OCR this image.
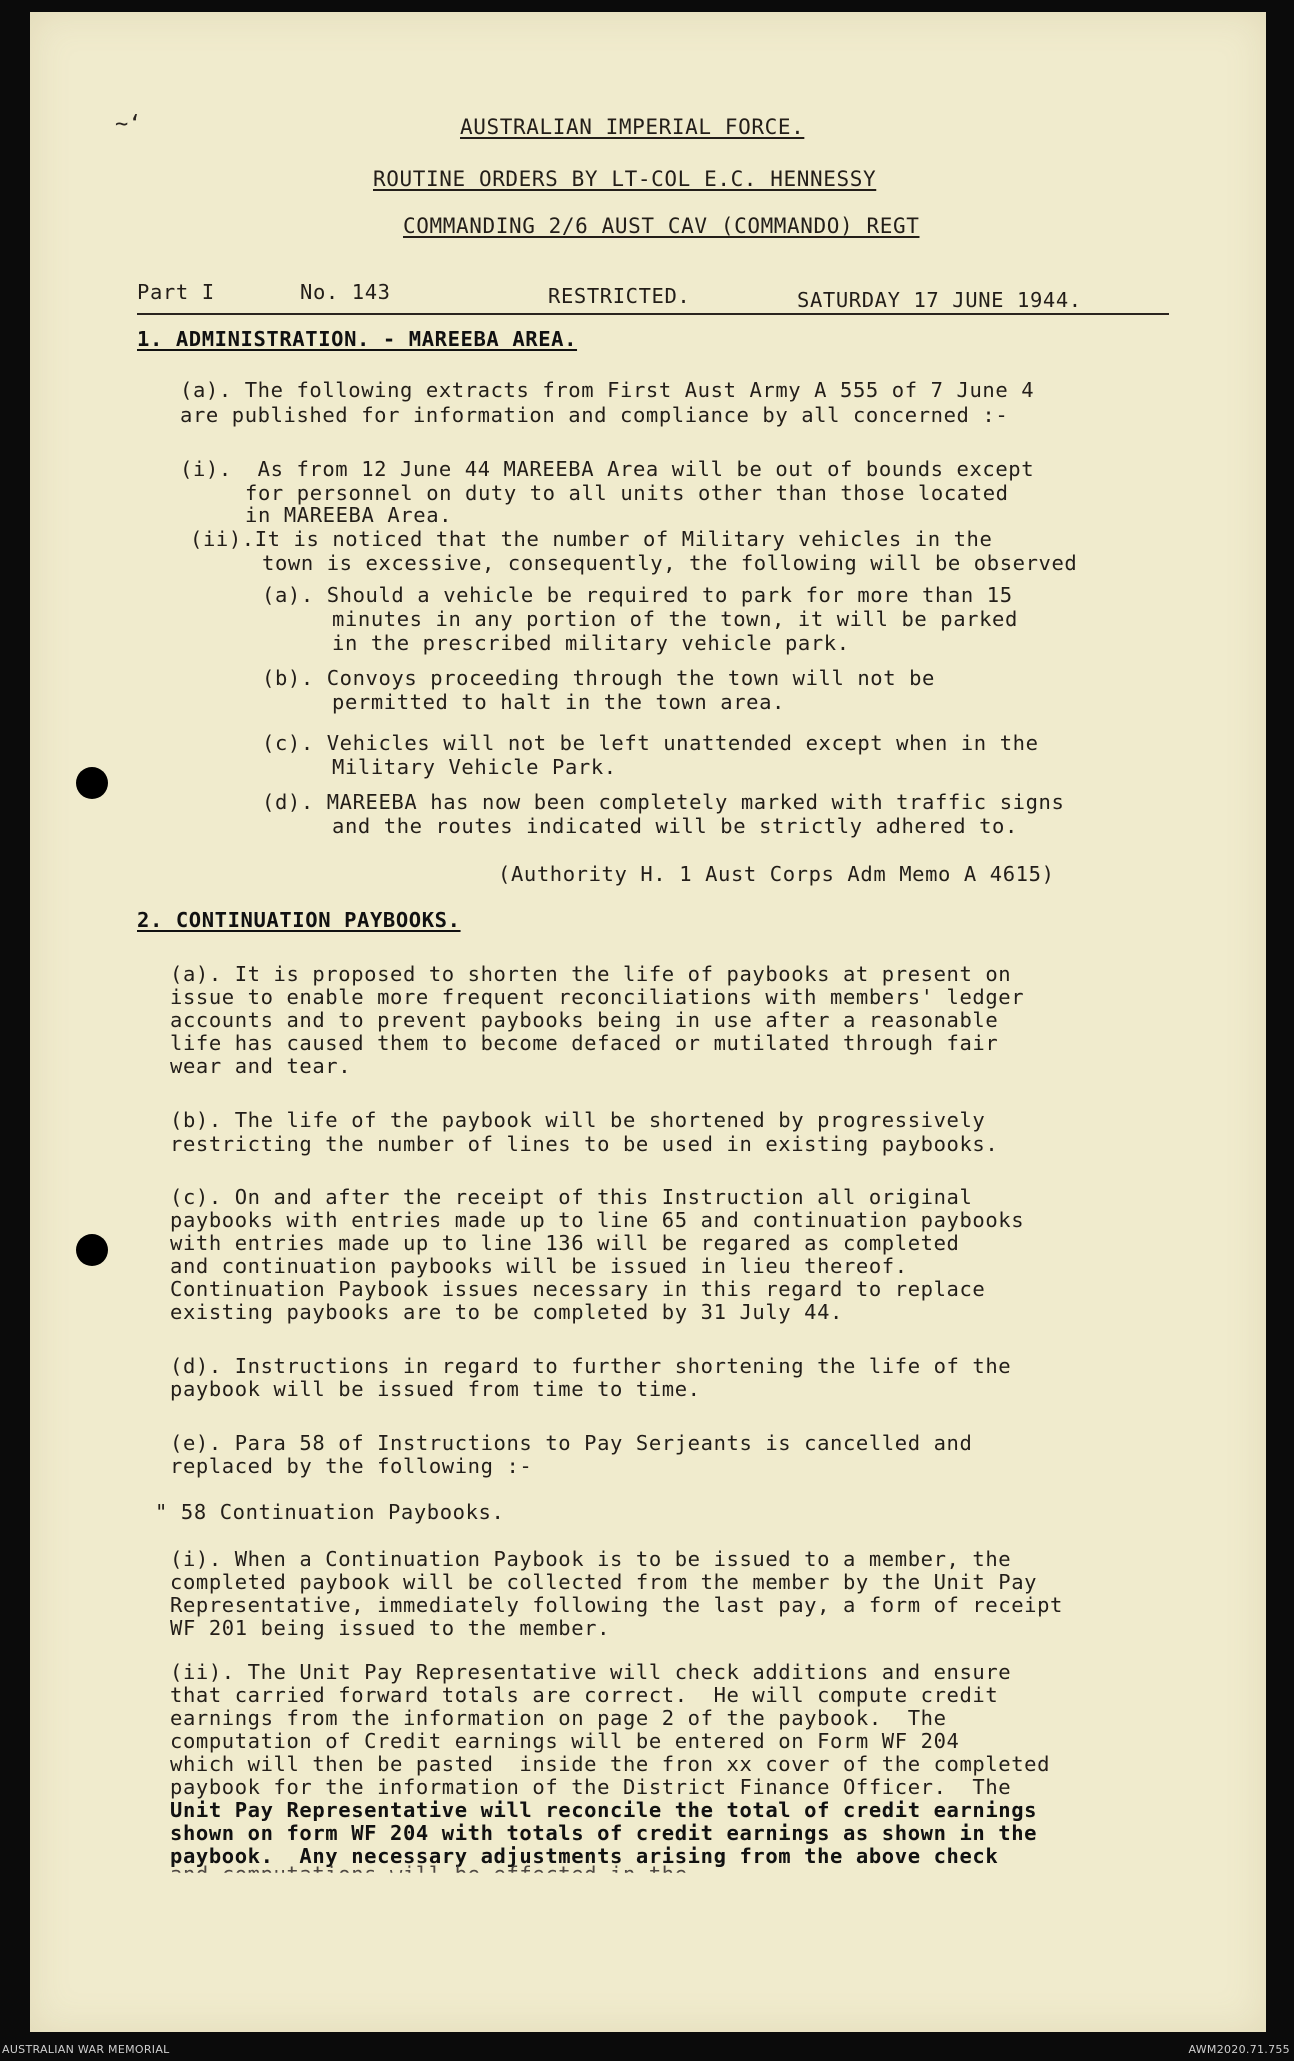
~‘	AUSTRALIAN IMPERIAL FORCE.
ROUTINE ORDERS BY LT-COL E.C. HENNESSY
COMMANDING 2/6 AUST CAV (COMMANDO) REGT
Part I	No. 143	RESTRICTED.	SATURDAY 17 JUNE 1944.
1. ADMINISTRATION. - MAREEBA AREA.
(a). The following extracts from First Aust Army A 555 of 7 June 4
are published for information and compliance by all concerned :-
(i).  As from 12 June 44 MAREEBA Area will be out of bounds except
for personnel on duty to all units other than those located
in MAREEBA Area.
(ii).It is noticed that the number of Military vehicles in the
town is excessive, consequently, the following will be observed
(a). Should a vehicle be required to park for more than 15
minutes in any portion of the town, it will be parked
in the prescribed military vehicle park.
(b). Convoys proceeding through the town will not be
permitted to halt in the town area.
(c). Vehicles will not be left unattended except when in the
Military Vehicle Park.
(d). MAREEBA has now been completely marked with traffic signs
and the routes indicated will be strictly adhered to.
(Authority H. 1 Aust Corps Adm Memo A 4615)
2. CONTINUATION PAYBOOKS.
(a). It is proposed to shorten the life of paybooks at present on
issue to enable more frequent reconciliations with members' ledger
accounts and to prevent paybooks being in use after a reasonable
life has caused them to become defaced or mutilated through fair
wear and tear.
(b). The life of the paybook will be shortened by progressively
restricting the number of lines to be used in existing paybooks.
(c). On and after the receipt of this Instruction all original
paybooks with entries made up to line 65 and continuation paybooks
with entries made up to line 136 will be regared as completed
and continuation paybooks will be issued in lieu thereof.
Continuation Paybook issues necessary in this regard to replace
existing paybooks are to be completed by 31 July 44.
(d). Instructions in regard to further shortening the life of the
paybook will be issued from time to time.
(e). Para 58 of Instructions to Pay Serjeants is cancelled and
replaced by the following :-
" 58 Continuation Paybooks.
(i). When a Continuation Paybook is to be issued to a member, the
completed paybook will be collected from the member by the Unit Pay
Representative, immediately following the last pay, a form of receipt
WF 201 being issued to the member.
(ii). The Unit Pay Representative will check additions and ensure
that carried forward totals are correct.  He will compute credit
earnings from the information on page 2 of the paybook.  The
computation of Credit earnings will be entered on Form WF 204
which will then be pasted  inside the fron xx cover of the completed
paybook for the information of the District Finance Officer.  The
Unit Pay Representative will reconcile the total of credit earnings
shown on form WF 204 with totals of credit earnings as shown in the
paybook.  Any necessary adjustments arising from the above check
AUSTRALIAN WAR MEMORIAL	AWM2020.71.755
